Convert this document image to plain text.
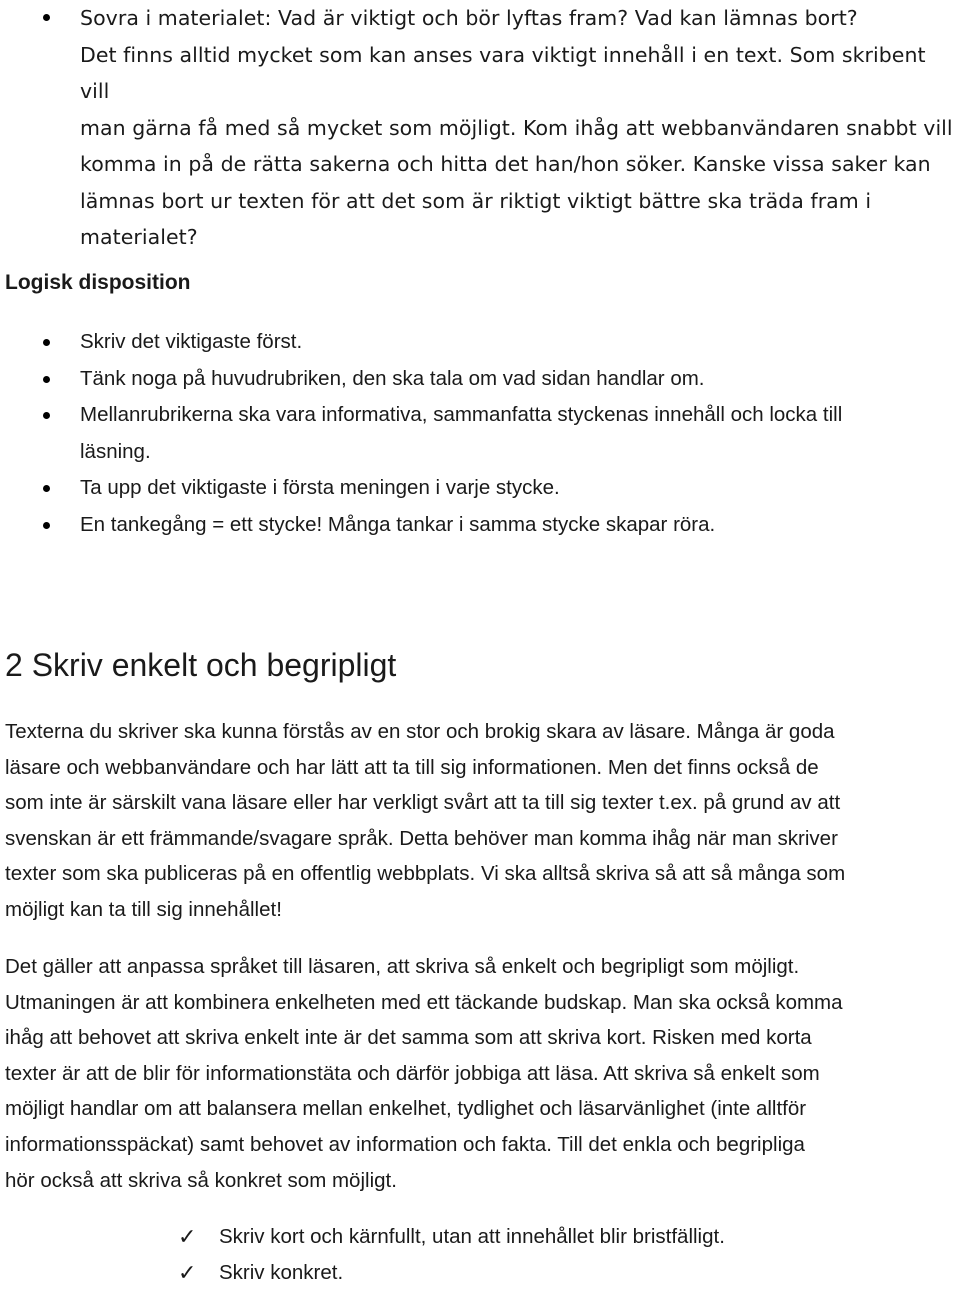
Sovra i materialet: Vad är viktigt och bör lyftas fram? Vad kan lämnas bort?
Det finns alltid mycket som kan anses vara viktigt innehåll i en text. Som skribent vill
man gärna få med så mycket som möjligt. Kom ihåg att webbanvändaren snabbt vill
komma in på de rätta sakerna och hitta det han/hon söker. Kanske vissa saker kan
lämnas bort ur texten för att det som är riktigt viktigt bättre ska träda fram i
materialet?
Logisk disposition
Skriv det viktigaste först.
Tänk noga på huvudrubriken, den ska tala om vad sidan handlar om.
Mellanrubrikerna ska vara informativa, sammanfatta styckenas innehåll och locka till
läsning.
Ta upp det viktigaste i första meningen i varje stycke.
En tankegång = ett stycke! Många tankar i samma stycke skapar röra.
2 Skriv enkelt och begripligt
Texterna du skriver ska kunna förstås av en stor och brokig skara av läsare. Många är goda
läsare och webbanvändare och har lätt att ta till sig informationen. Men det finns också de
som inte är särskilt vana läsare eller har verkligt svårt att ta till sig texter t.ex. på grund av att
svenskan är ett främmande/svagare språk. Detta behöver man komma ihåg när man skriver
texter som ska publiceras på en offentlig webbplats. Vi ska alltså skriva så att så många som
möjligt kan ta till sig innehållet!
Det gäller att anpassa språket till läsaren, att skriva så enkelt och begripligt som möjligt.
Utmaningen är att kombinera enkelheten med ett täckande budskap. Man ska också komma
ihåg att behovet att skriva enkelt inte är det samma som att skriva kort. Risken med korta
texter är att de blir för informationstäta och därför jobbiga att läsa. Att skriva så enkelt som
möjligt handlar om att balansera mellan enkelhet, tydlighet och läsarvänlighet (inte alltför
informationsspäckat) samt behovet av information och fakta. Till det enkla och begripliga
hör också att skriva så konkret som möjligt.
✓ Skriv kort och kärnfullt, utan att innehållet blir bristfälligt.
✓ Skriv konkret.
